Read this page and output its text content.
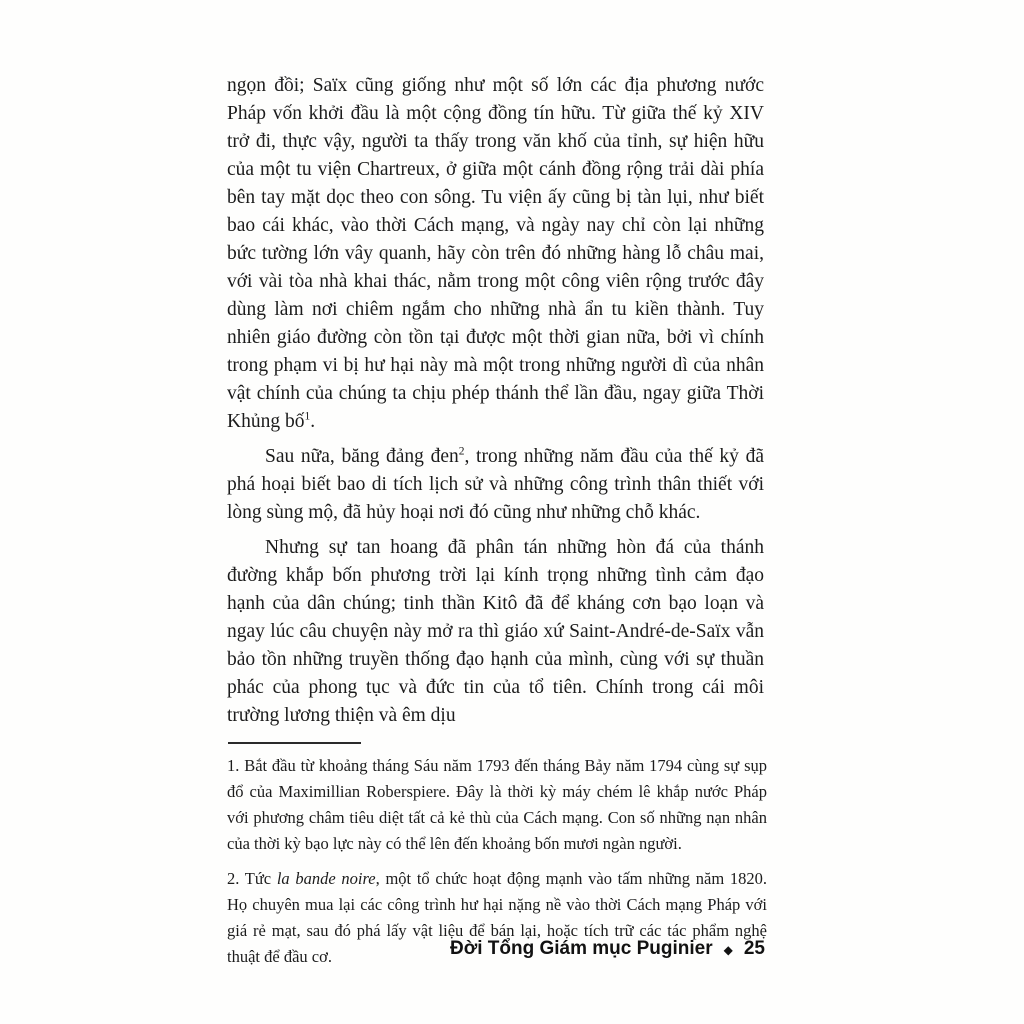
ngọn đồi; Saïx cũng giống như một số lớn các địa phương nước Pháp vốn khởi đầu là một cộng đồng tín hữu. Từ giữa thế kỷ XIV trở đi, thực vậy, người ta thấy trong văn khố của tỉnh, sự hiện hữu của một tu viện Chartreux, ở giữa một cánh đồng rộng trải dài phía bên tay mặt dọc theo con sông. Tu viện ấy cũng bị tàn lụi, như biết bao cái khác, vào thời Cách mạng, và ngày nay chỉ còn lại những bức tường lớn vây quanh, hãy còn trên đó những hàng lỗ châu mai, với vài tòa nhà khai thác, nằm trong một công viên rộng trước đây dùng làm nơi chiêm ngắm cho những nhà ẩn tu kiền thành. Tuy nhiên giáo đường còn tồn tại được một thời gian nữa, bởi vì chính trong phạm vi bị hư hại này mà một trong những người dì của nhân vật chính của chúng ta chịu phép thánh thể lần đầu, ngay giữa Thời Khủng bố$^1$.

Sau nữa, băng đảng đen$^2$, trong những năm đầu của thế kỷ đã phá hoại biết bao di tích lịch sử và những công trình thân thiết với lòng sùng mộ, đã hủy hoại nơi đó cũng như những chỗ khác.

Nhưng sự tan hoang đã phân tán những hòn đá của thánh đường khắp bốn phương trời lại kính trọng những tình cảm đạo hạnh của dân chúng; tinh thần Kitô đã để kháng cơn bạo loạn và ngay lúc câu chuyện này mở ra thì giáo xứ Saint-André-de-Saïx vẫn bảo tồn những truyền thống đạo hạnh của mình, cùng với sự thuần phác của phong tục và đức tin của tổ tiên. Chính trong cái môi trường lương thiện và êm dịu

1. Bắt đầu từ khoảng tháng Sáu năm 1793 đến tháng Bảy năm 1794 cùng sự sụp đổ của Maximillian Roberspiere. Đây là thời kỳ máy chém lê khắp nước Pháp với phương châm tiêu diệt tất cả kẻ thù của Cách mạng. Con số những nạn nhân của thời kỳ bạo lực này có thể lên đến khoảng bốn mươi ngàn người.

2. Tức la bande noire, một tổ chức hoạt động mạnh vào tấm những năm 1820. Họ chuyên mua lại các công trình hư hại nặng nề vào thời Cách mạng Pháp với giá rẻ mạt, sau đó phá lấy vật liệu để bán lại, hoặc tích trữ các tác phẩm nghệ thuật để đầu cơ.	Đời Tổng Giám mục Puginier ◆ 25
